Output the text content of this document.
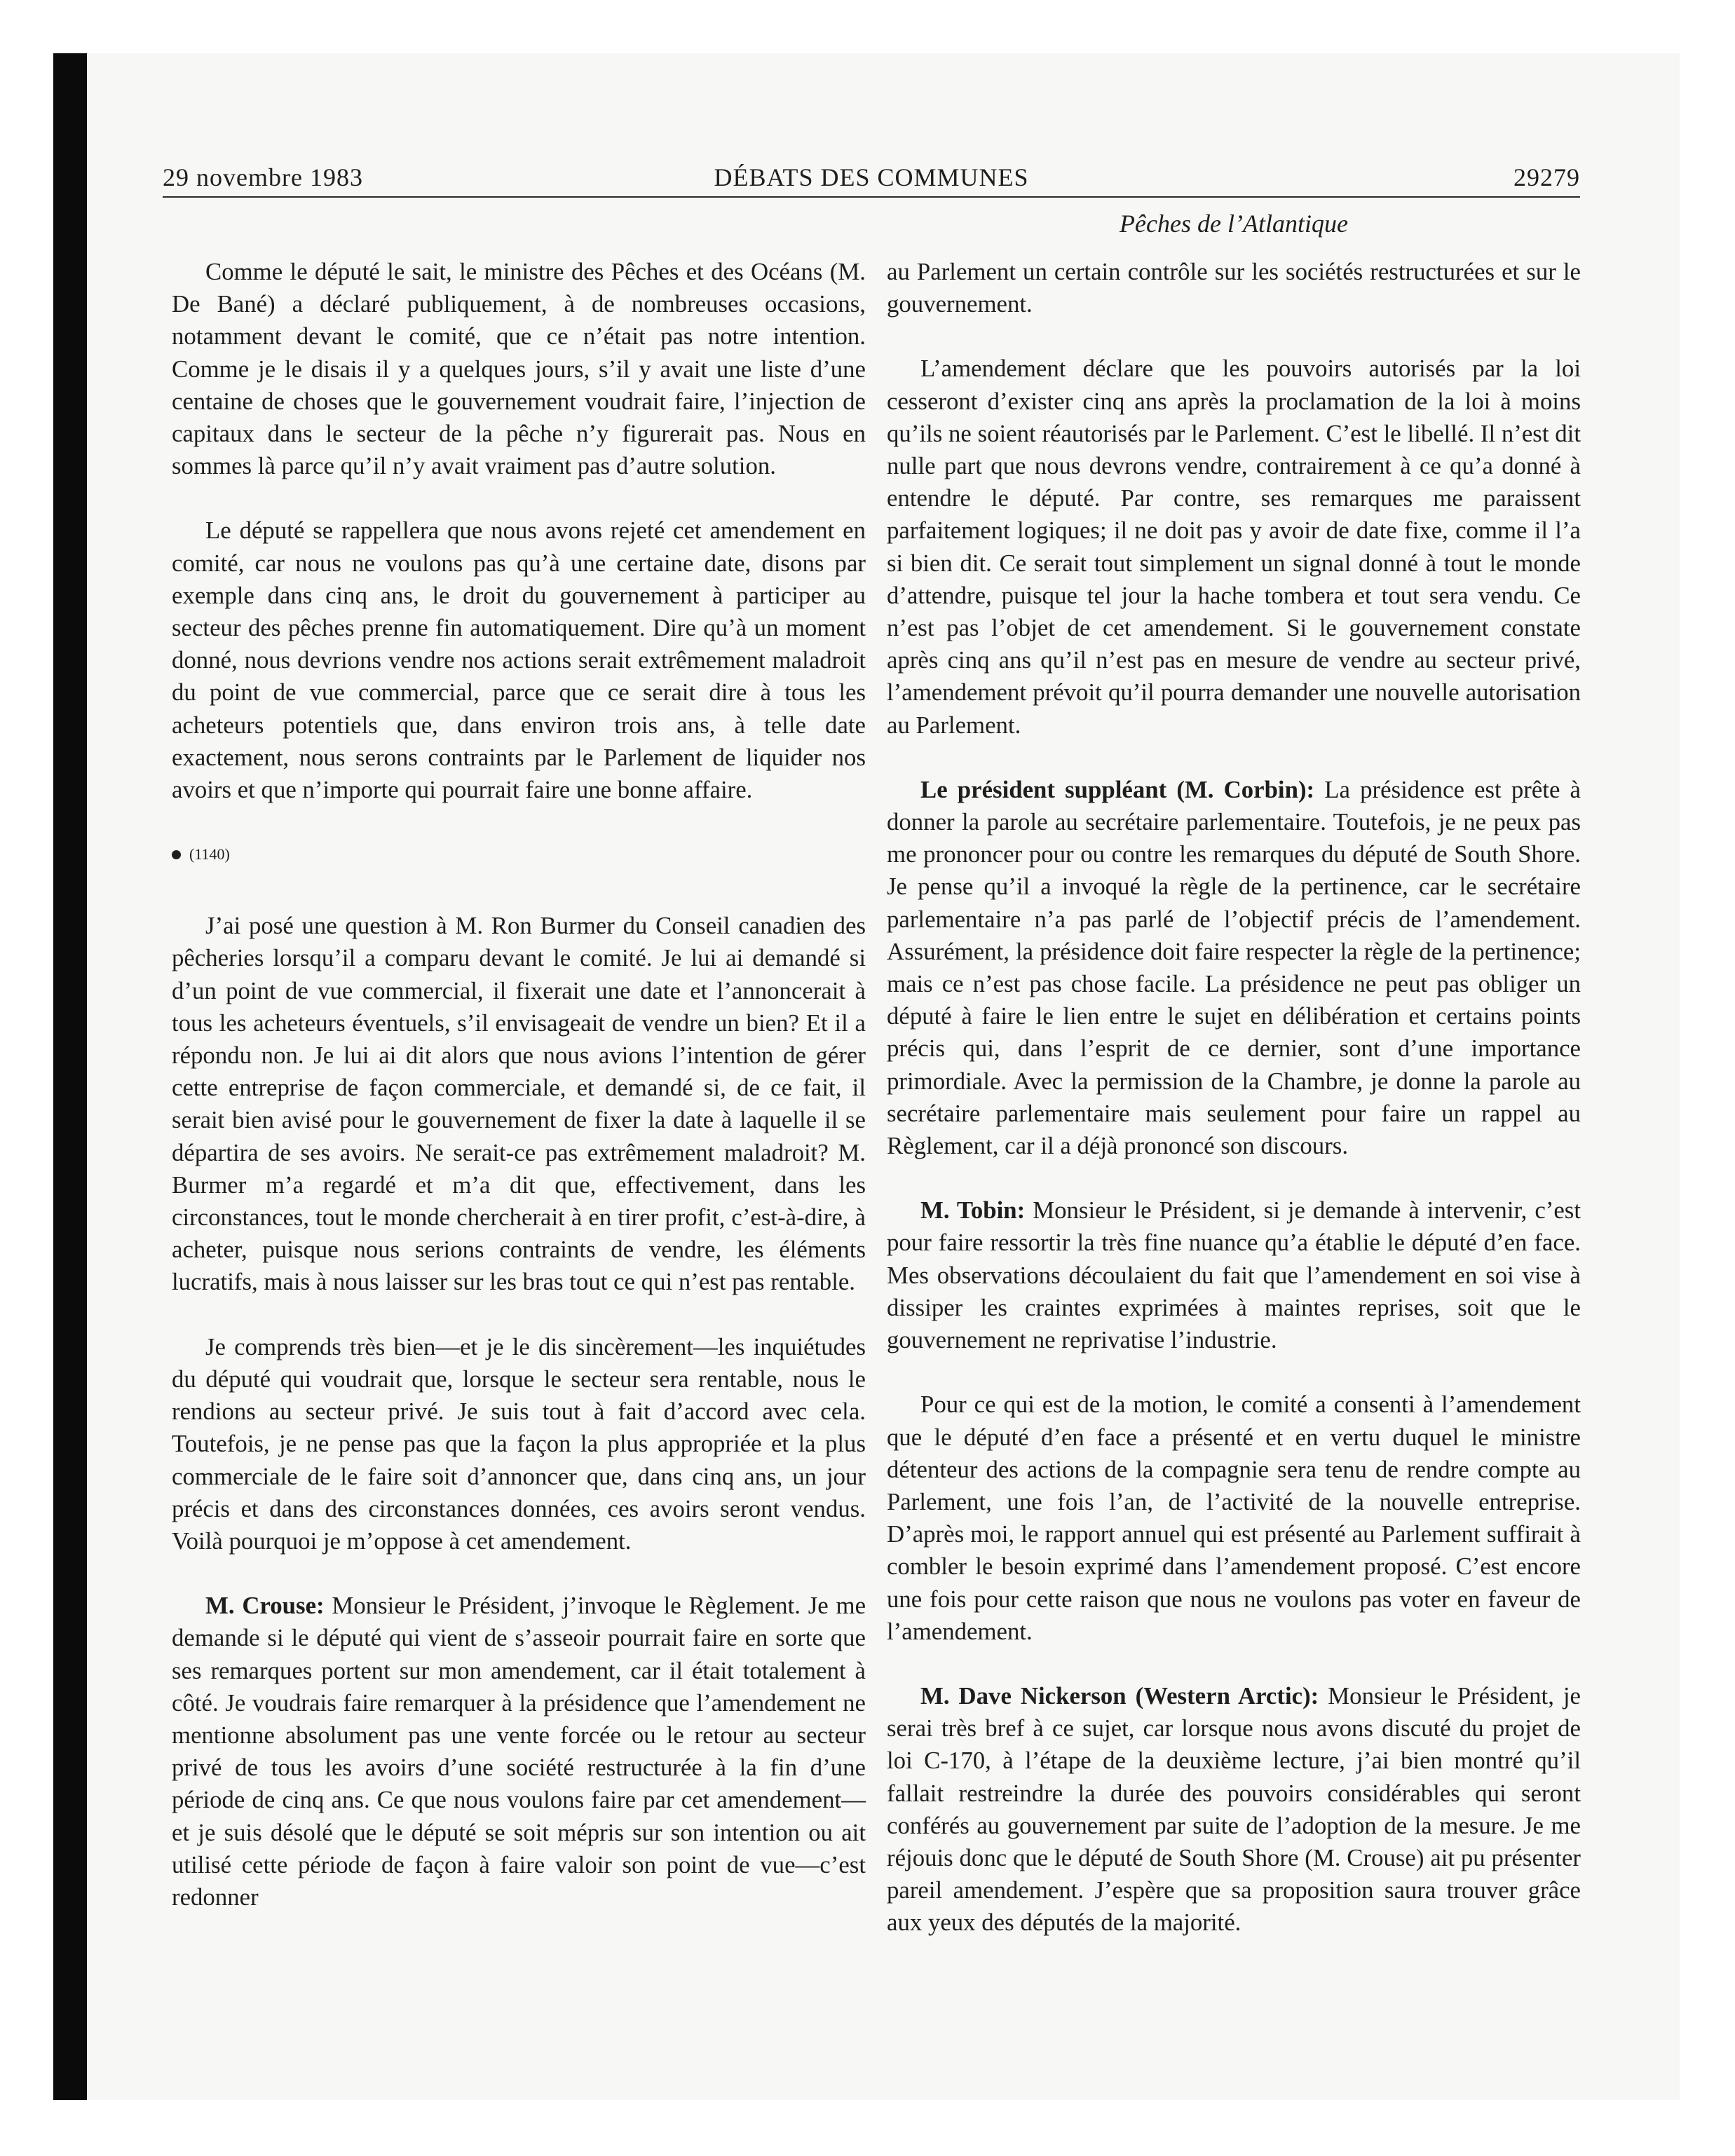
29 novembre 1983	DÉBATS DES COMMUNES	29279
Pêches de l’Atlantique

Comme le député le sait, le ministre des Pêches et des Océans (M. De Bané) a déclaré publiquement, à de nombreuses occasions, notamment devant le comité, que ce n’était pas notre intention. Comme je le disais il y a quelques jours, s’il y avait une liste d’une centaine de choses que le gouvernement voudrait faire, l’injection de capitaux dans le secteur de la pêche n’y figurerait pas. Nous en sommes là parce qu’il n’y avait vraiment pas d’autre solution.

Le député se rappellera que nous avons rejeté cet amendement en comité, car nous ne voulons pas qu’à une certaine date, disons par exemple dans cinq ans, le droit du gouvernement à participer au secteur des pêches prenne fin automatiquement. Dire qu’à un moment donné, nous devrions vendre nos actions serait extrêmement maladroit du point de vue commercial, parce que ce serait dire à tous les acheteurs potentiels que, dans environ trois ans, à telle date exactement, nous serons contraints par le Parlement de liquider nos avoirs et que n’importe qui pourrait faire une bonne affaire.

(1140)

J’ai posé une question à M. Ron Burmer du Conseil canadien des pêcheries lorsqu’il a comparu devant le comité. Je lui ai demandé si d’un point de vue commercial, il fixerait une date et l’annoncerait à tous les acheteurs éventuels, s’il envisageait de vendre un bien? Et il a répondu non. Je lui ai dit alors que nous avions l’intention de gérer cette entreprise de façon commerciale, et demandé si, de ce fait, il serait bien avisé pour le gouvernement de fixer la date à laquelle il se départira de ses avoirs. Ne serait-ce pas extrêmement maladroit? M. Burmer m’a regardé et m’a dit que, effectivement, dans les circonstances, tout le monde chercherait à en tirer profit, c’est-à-dire, à acheter, puisque nous serions contraints de vendre, les éléments lucratifs, mais à nous laisser sur les bras tout ce qui n’est pas rentable.

Je comprends très bien—et je le dis sincèrement—les inquiétudes du député qui voudrait que, lorsque le secteur sera rentable, nous le rendions au secteur privé. Je suis tout à fait d’accord avec cela. Toutefois, je ne pense pas que la façon la plus appropriée et la plus commerciale de le faire soit d’annoncer que, dans cinq ans, un jour précis et dans des circonstances données, ces avoirs seront vendus. Voilà pourquoi je m’oppose à cet amendement.

M. Crouse: Monsieur le Président, j’invoque le Règlement. Je me demande si le député qui vient de s’asseoir pourrait faire en sorte que ses remarques portent sur mon amendement, car il était totalement à côté. Je voudrais faire remarquer à la présidence que l’amendement ne mentionne absolument pas une vente forcée ou le retour au secteur privé de tous les avoirs d’une société restructurée à la fin d’une période de cinq ans. Ce que nous voulons faire par cet amendement—et je suis désolé que le député se soit mépris sur son intention ou ait utilisé cette période de façon à faire valoir son point de vue—c’est redonner

au Parlement un certain contrôle sur les sociétés restructurées et sur le gouvernement.

L’amendement déclare que les pouvoirs autorisés par la loi cesseront d’exister cinq ans après la proclamation de la loi à moins qu’ils ne soient réautorisés par le Parlement. C’est le libellé. Il n’est dit nulle part que nous devrons vendre, contrairement à ce qu’a donné à entendre le député. Par contre, ses remarques me paraissent parfaitement logiques; il ne doit pas y avoir de date fixe, comme il l’a si bien dit. Ce serait tout simplement un signal donné à tout le monde d’attendre, puisque tel jour la hache tombera et tout sera vendu. Ce n’est pas l’objet de cet amendement. Si le gouvernement constate après cinq ans qu’il n’est pas en mesure de vendre au secteur privé, l’amendement prévoit qu’il pourra demander une nouvelle autorisation au Parlement.

Le président suppléant (M. Corbin): La présidence est prête à donner la parole au secrétaire parlementaire. Toutefois, je ne peux pas me prononcer pour ou contre les remarques du député de South Shore. Je pense qu’il a invoqué la règle de la pertinence, car le secrétaire parlementaire n’a pas parlé de l’objectif précis de l’amendement. Assurément, la présidence doit faire respecter la règle de la pertinence; mais ce n’est pas chose facile. La présidence ne peut pas obliger un député à faire le lien entre le sujet en délibération et certains points précis qui, dans l’esprit de ce dernier, sont d’une importance primordiale. Avec la permission de la Chambre, je donne la parole au secrétaire parlementaire mais seulement pour faire un rappel au Règlement, car il a déjà prononcé son discours.

M. Tobin: Monsieur le Président, si je demande à intervenir, c’est pour faire ressortir la très fine nuance qu’a établie le député d’en face. Mes observations découlaient du fait que l’amendement en soi vise à dissiper les craintes exprimées à maintes reprises, soit que le gouvernement ne reprivatise l’industrie.

Pour ce qui est de la motion, le comité a consenti à l’amendement que le député d’en face a présenté et en vertu duquel le ministre détenteur des actions de la compagnie sera tenu de rendre compte au Parlement, une fois l’an, de l’activité de la nouvelle entreprise. D’après moi, le rapport annuel qui est présenté au Parlement suffirait à combler le besoin exprimé dans l’amendement proposé. C’est encore une fois pour cette raison que nous ne voulons pas voter en faveur de l’amendement.

M. Dave Nickerson (Western Arctic): Monsieur le Président, je serai très bref à ce sujet, car lorsque nous avons discuté du projet de loi C-170, à l’étape de la deuxième lecture, j’ai bien montré qu’il fallait restreindre la durée des pouvoirs considérables qui seront conférés au gouvernement par suite de l’adoption de la mesure. Je me réjouis donc que le député de South Shore (M. Crouse) ait pu présenter pareil amendement. J’espère que sa proposition saura trouver grâce aux yeux des députés de la majorité.
